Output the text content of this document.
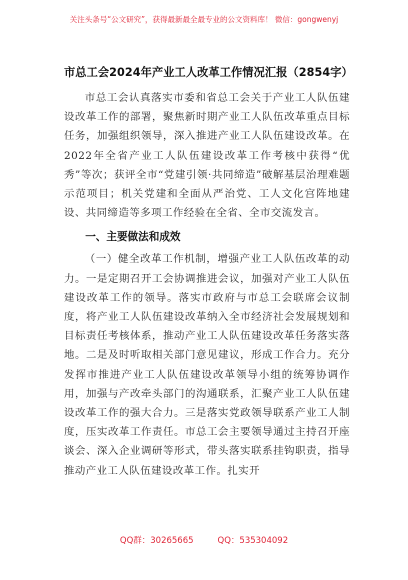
关注头条号“公文研究”，获得最新最全最专业的公文资料库！ 微信：gongwenyj
市总工会2024年产业工人改革工作情况汇报（2854字）

市总工会认真落实市委和省总工会关于产业工人队伍建设改革工作的部署，聚焦新时期产业工人队伍改革重点目标任务，加强组织领导，深入推进产业工人队伍建设改革。在2022年全省产业工人队伍建设改革工作考核中获得“优秀”等次；获评全市“党建引领·共同缔造”破解基层治理难题示范项目；机关党建和全面从严治党、工人文化宫阵地建设、共同缔造等多项工作经验在全省、全市交流发言。

一、主要做法和成效

（一）健全改革工作机制，增强产业工人队伍改革的动力。一是定期召开工会协调推进会议，加强对产业工人队伍建设改革工作的领导。落实市政府与市总工会联席会议制度，将产业工人队伍建设改革纳入全市经济社会发展规划和目标责任考核体系，推动产业工人队伍建设改革任务落实落地。二是及时听取相关部门意见建议，形成工作合力。充分发挥市推进产业工人队伍建设改革领导小组的统筹协调作用，加强与产改牵头部门的沟通联系，汇聚产业工人队伍建设改革工作的强大合力。三是落实党政领导联系产业工人制度，压实改革工作责任。市总工会主要领导通过主持召开座谈会、深入企业调研等形式，带头落实联系挂钩职责，指导推动产业工人队伍建设改革工作。扎实开

QQ群：30265665	QQ：535304092
